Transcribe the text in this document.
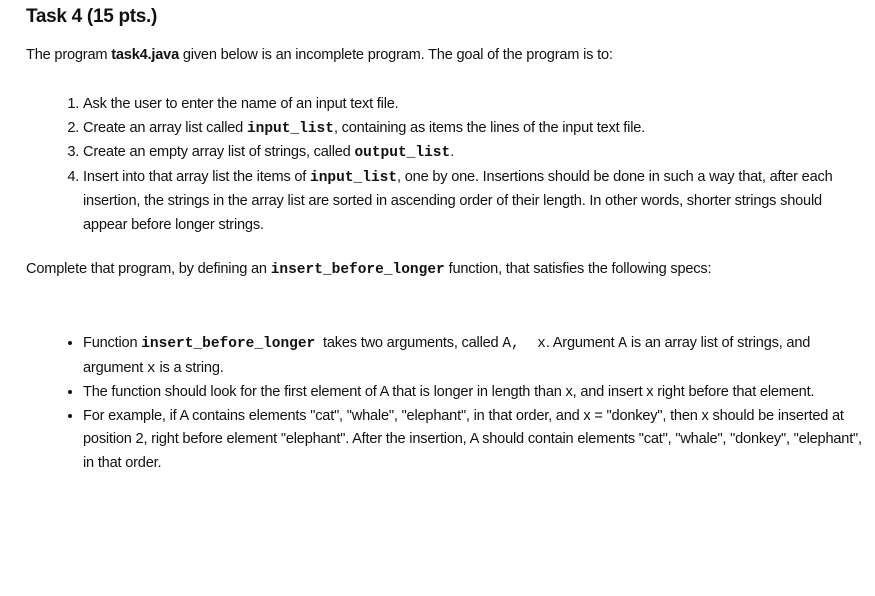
Task 4 (15 pts.)

The program task4.java given below is an incomplete program. The goal of the program is to:

1. Ask the user to enter the name of an input text file.
2. Create an array list called input_list, containing as items the lines of the input text file.
3. Create an empty array list of strings, called output_list.
4. Insert into that array list the items of input_list, one by one. Insertions should be done in such a way that, after each insertion, the strings in the array list are sorted in ascending order of their length. In other words, shorter strings should appear before longer strings.

Complete that program, by defining an insert_before_longer function, that satisfies the following specs:

• Function insert_before_longer  takes two arguments, called A,  x. Argument A is an array list of strings, and argument x is a string.
• The function should look for the first element of A that is longer in length than x, and insert x right before that element.
• For example, if A contains elements "cat", "whale", "elephant", in that order, and x = "donkey", then x should be inserted at position 2, right before element "elephant". After the insertion, A should contain elements "cat", "whale", "donkey", "elephant", in that order.
